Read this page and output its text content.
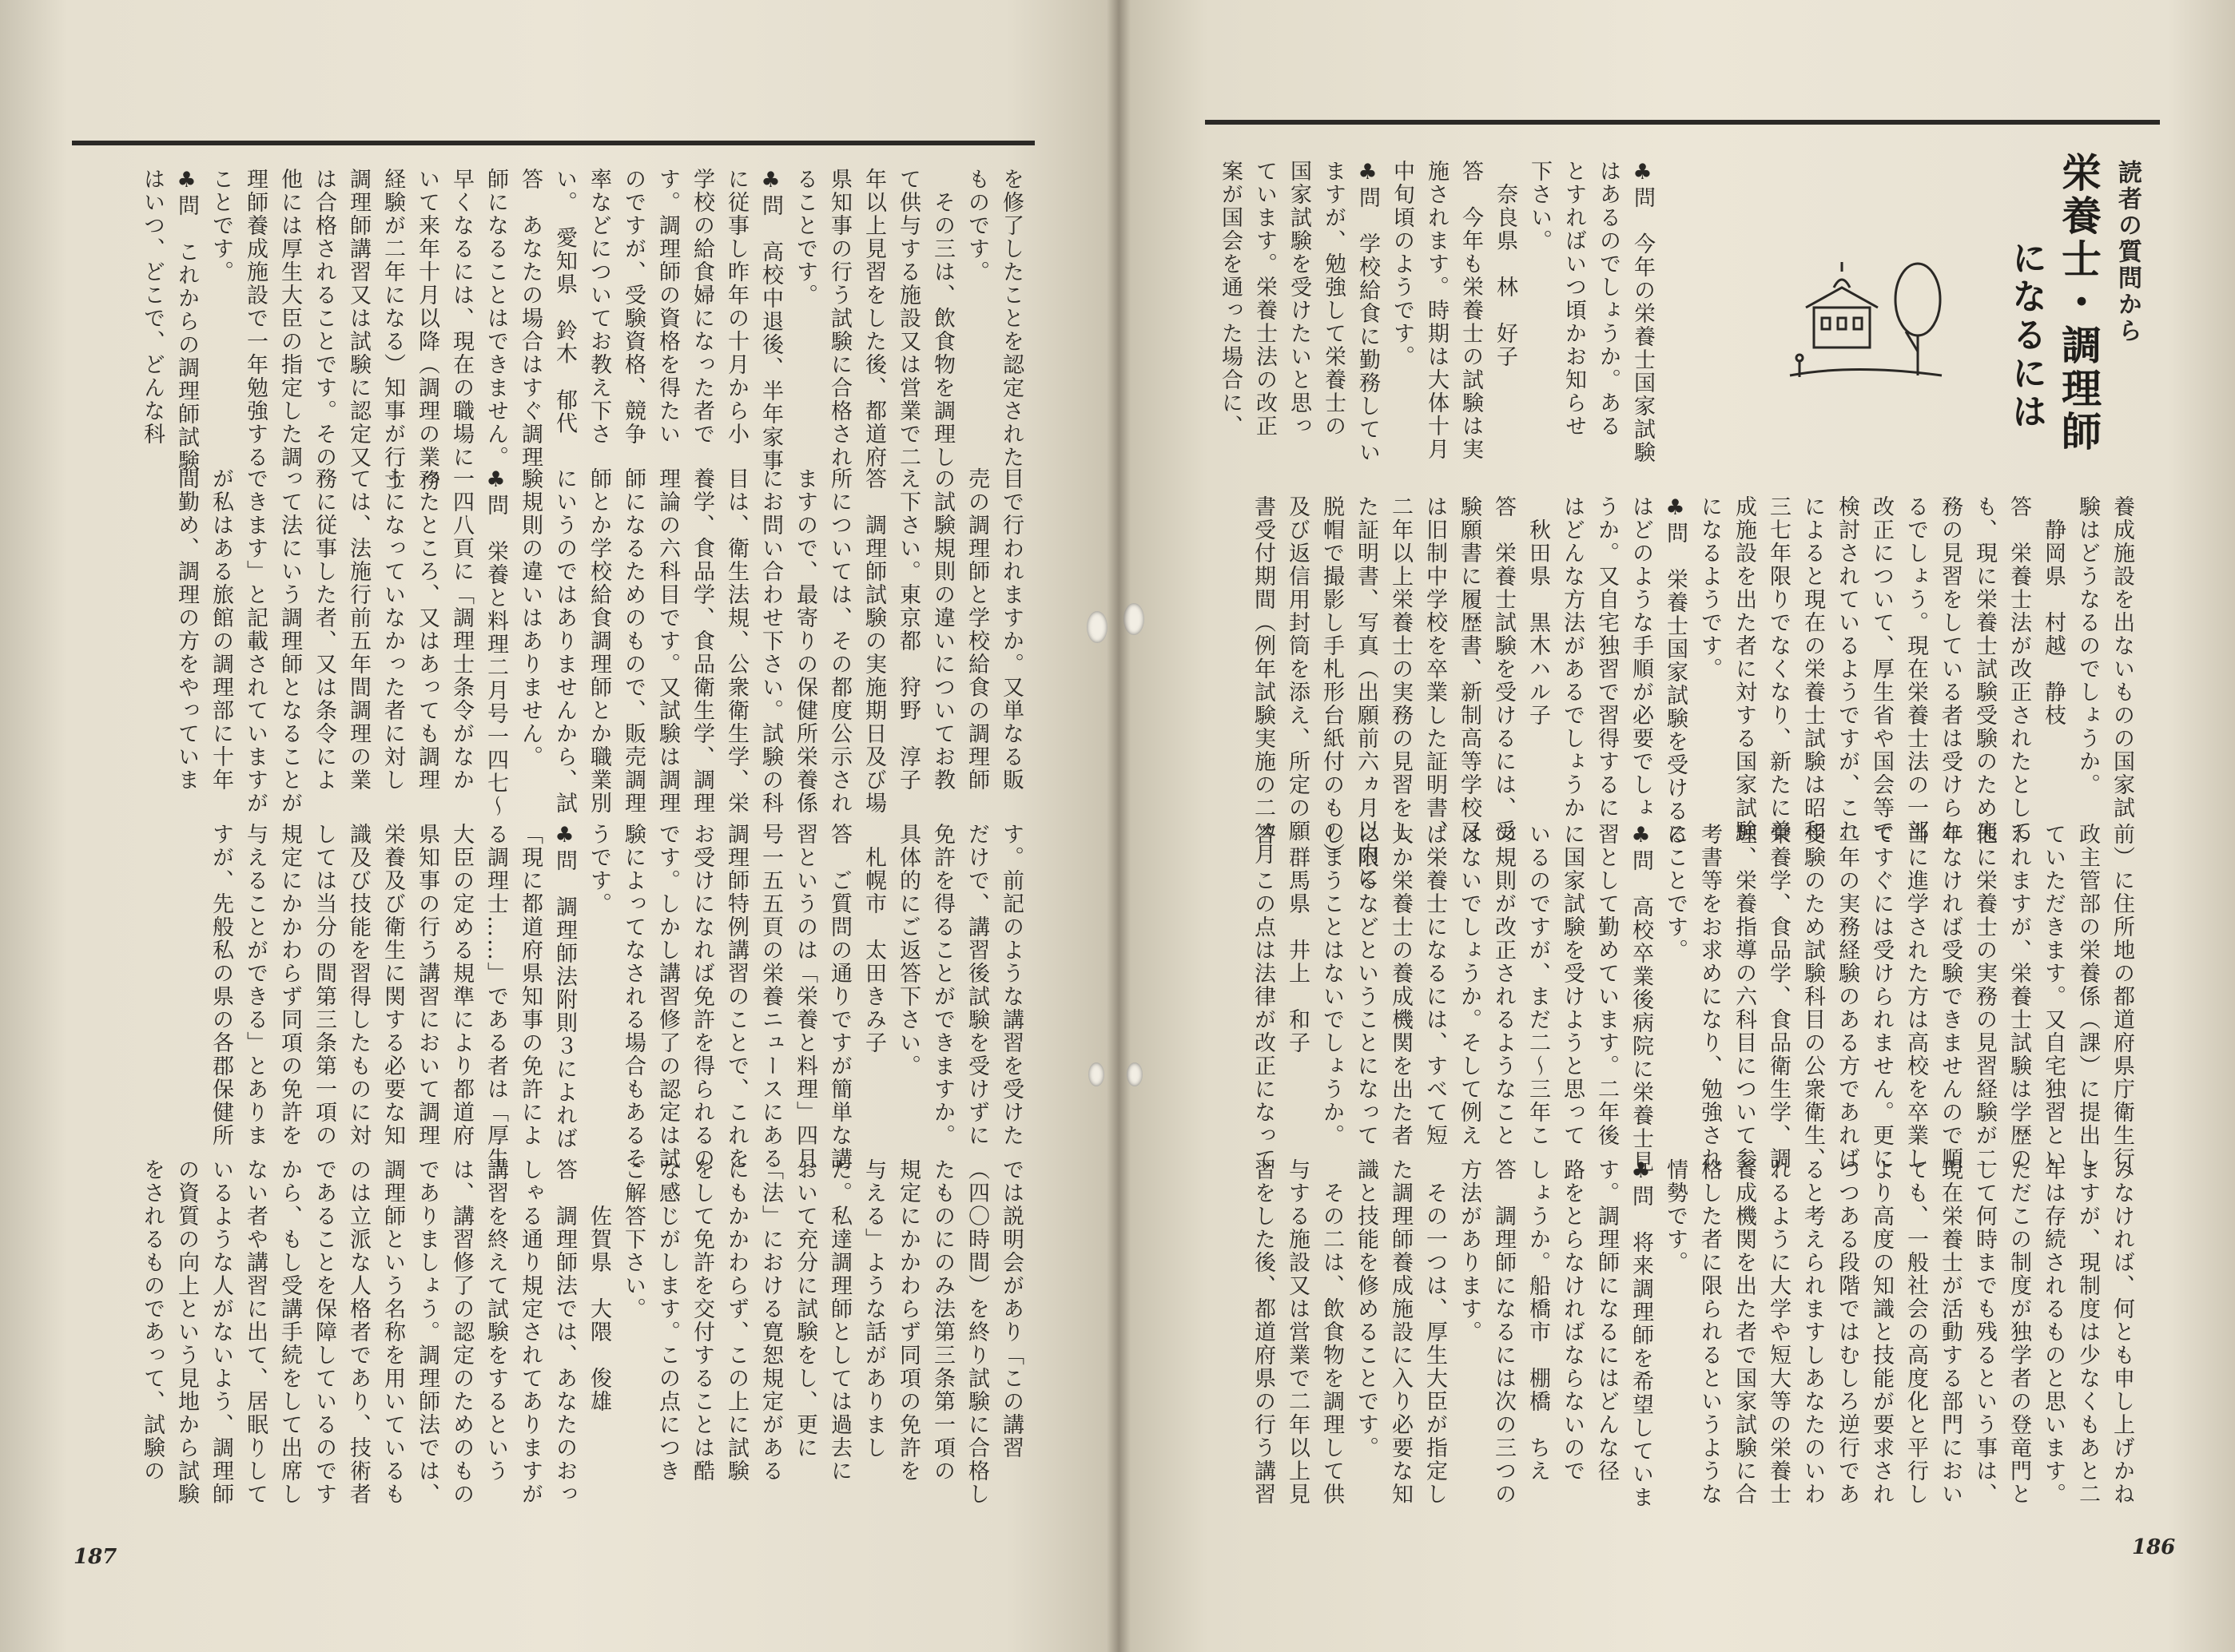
を修了したことを認定された
ものです。
　その三は、飲食物を調理し
て供与する施設又は営業で二
年以上見習をした後、都道府
県知事の行う試験に合格され
ることです。
♣問　高校中退後、半年家事
に従事し昨年の十月から小
学校の給食婦になった者で
す。調理師の資格を得たい
のですが、受験資格、競争
率などについてお教え下さ
い。　愛知県　鈴木　郁代
答　あなたの場合はすぐ調理
師になることはできません。
早くなるには、現在の職場に
いて来年十月以降（調理の業務
経験が二年になる）知事が行う
調理師講習又は試験に認定又
は合格されることです。その
他には厚生大臣の指定した調
理師養成施設で一年勉強する
ことです。
♣問　これからの調理師試験
はいつ、どこで、どんな科
目で行われますか。又単なる販
売の調理師と学校給食の調理師
の試験規則の違いについてお教
え下さい。東京都　狩野　淳子
答　調理師試験の実施期日及び場
所については、その都度公示され
ますので、最寄りの保健所栄養係
にお問い合わせ下さい。試験の科
目は、衛生法規、公衆衛生学、栄
養学、食品学、食品衛生学、調理
理論の六科目です。又試験は調理
師になるためのもので、販売調理
師とか学校給食調理師とか職業別
にいうのではありませんから、試
験規則の違いはありません。
♣問　栄養と料理二月号一四七～
一四八頁に「調理士条令がなか
ったところ、又はあっても調理
士になっていなかった者に対し
ては、法施行前五年間調理の業
務に従事した者、又は条令によ
って法にいう調理師となることが
できます」と記載されていますが
が私はある旅館の調理部に十年
間勤め、調理の方をやっていま
す。前記のような講習を受けた
だけで、講習後試験を受けずに
免許を得ることができますか。
具体的にご返答下さい。
　札幌市　太田きみ子
答　ご質問の通りですが簡単な講
習というのは「栄養と料理」四月
号一五五頁の栄養ニュースにある
調理師特例講習のことで、これを
お受けになれば免許を得られるの
です。しかし講習修了の認定は試
験によってなされる場合もあるそ
うです。
♣問　調理師法附則３によれば
「現に都道府県知事の免許によ
る調理士……」である者は「厚生
大臣の定める規準により都道府
県知事の行う講習において調理
栄養及び衛生に関する必要な知
識及び技能を習得したものに対
しては当分の間第三条第一項の
規定にかかわらず同項の免許を
与えることができる」とありま
すが、先般私の県の各郡保健所
では説明会があり「この講習
（四〇時間）を終り試験に合格し
たものにのみ法第三条第一項の
規定にかかわらず同項の免許を
与える」ような話がありまし
た。私達調理師としては過去に
おいて充分に試験をし、更に
「法」における寛恕規定がある
にもかかわらず、この上に試験
をして免許を交付することは酷
な感じがします。この点につき
ご解答下さい。
　　佐賀県　大隈　俊雄
答　調理師法では、あなたのおっ
しゃる通り規定されてありますが
講習を終えて試験をするという
は、講習修了の認定のためのもの
でありましょう。調理師法では、
調理師という名称を用いているも
のは立派な人格者であり、技術者
であることを保障しているのです
から、もし受講手続をして出席し
ない者や講習に出て、居眠りして
いるような人がないよう、調理師
の資質の向上という見地から試験
をされるものであって、試験の
187
読者の質問から
栄養士・調理師
になるには
♣問　今年の栄養士国家試験
はあるのでしょうか。ある
とすればいつ頃かお知らせ
下さい。
　奈良県　林　好子
答　今年も栄養士の試験は実
施されます。時期は大体十月
中旬頃のようです。
♣問　学校給食に勤務してい
ますが、勉強して栄養士の
国家試験を受けたいと思っ
ています。栄養士法の改正
案が国会を通った場合に、
養成施設を出ないものの国家試
験はどうなるのでしょうか。
　静岡県　村越　静枝
答　栄養士法が改正されたとして
も、現に栄養士試験受験のため実
務の見習をしている者は受けられ
るでしょう。現在栄養士法の一部
改正について、厚生省や国会等で
検討されているようですが、これ
によると現在の栄養士試験は昭和
三七年限りでなくなり、新たに養
成施設を出た者に対する国家試験
になるようです。
♣問　栄養士国家試験を受けるに
はどのような手順が必要でしょ
うか。又自宅独習で習得するに
はどんな方法があるでしょうか
　秋田県　黒木ハル子
答　栄養士試験を受けるには、受
験願書に履歴書、新制高等学校又
は旧制中学校を卒業した証明書、
二年以上栄養士の実務の見習をし
た証明書、写真（出願前六ヵ月以内に
脱帽で撮影し手札形台紙付のもの）
及び返信用封筒を添え、所定の願
書受付期間（例年試験実施の二ヵ月
前）に住所地の都道府県庁衛生行
政主管部の栄養係（課）に提出し
ていただきます。又自宅独習とい
われますが、栄養士試験は学歴の
他に栄養士の実務の見習経験が二
年なければ受験できませんので順
当に進学された方は高校を卒業し
てすぐには受けられません。更に
二年の実務経験のある方であれば
受験のため試験科目の公衆衛生、
栄養学、食品学、食品衛生学、調
理、栄養指導の六科目について参
考書等をお求めになり、勉強され
ることです。
♣問　高校卒業後病院に栄養士見
習として勤めています。二年後
に国家試験を受けようと思って
いるのですが、まだ二～三年こ
の規則が改正されるようなこと
はないでしょうか。そして例え
ば栄養士になるには、すべて短
大か栄養士の養成機関を出た者
に限るなどということになって
しまうことはないでしょうか。
　群馬県　井上　和子
答　この点は法律が改正になって
みなければ、何とも申し上げかね
ますが、現制度は少なくもあと二
年は存続されるものと思います。
ただこの制度が独学者の登竜門と
して何時までも残るという事は、
現在栄養士が活動する部門におい
ても、一般社会の高度化と平行し
より高度の知識と技能が要求され
つつある段階ではむしろ逆行であ
ると考えられますしあなたのいわ
れるように大学や短大等の栄養士
養成機関を出た者で国家試験に合
格した者に限られるというような
情勢です。
♣問　将来調理師を希望していま
す。調理師になるにはどんな径
路をとらなければならないので
しょうか。船橋市　棚橋　ちえ
答　調理師になるには次の三つの
方法があります。
　その一つは、厚生大臣が指定し
た調理師養成施設に入り必要な知
識と技能を修めることです。
　その二は、飲食物を調理して供
与する施設又は営業で二年以上見
習をした後、都道府県の行う講習
186
